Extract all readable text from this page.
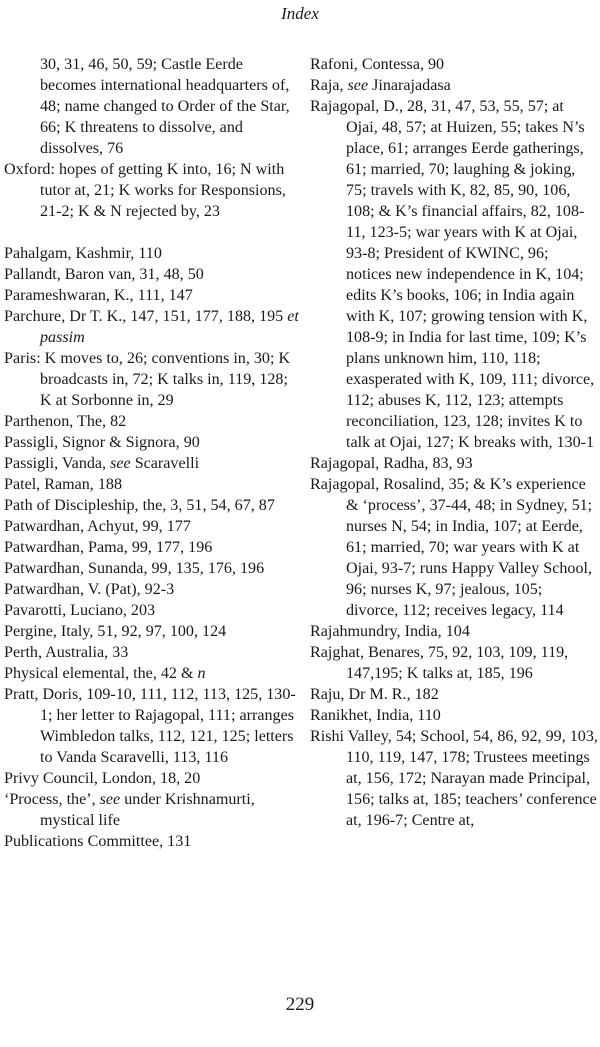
Index

30, 31, 46, 50, 59; Castle Eerde becomes international headquarters of, 48; name changed to Order of the Star, 66; K threatens to dissolve, and dissolves, 76

Oxford: hopes of getting K into, 16; N with tutor at, 21; K works for Responsions, 21-2; K & N rejected by, 23

Pahalgam, Kashmir, 110

Pallandt, Baron van, 31, 48, 50

Parameshwaran, K., 111, 147

Parchure, Dr T. K., 147, 151, 177, 188, 195 et passim

Paris: K moves to, 26; conventions in, 30; K broadcasts in, 72; K talks in, 119, 128; K at Sorbonne in, 29

Parthenon, The, 82

Passigli, Signor & Signora, 90

Passigli, Vanda, see Scaravelli

Patel, Raman, 188

Path of Discipleship, the, 3, 51, 54, 67, 87

Patwardhan, Achyut, 99, 177

Patwardhan, Pama, 99, 177, 196

Patwardhan, Sunanda, 99, 135, 176, 196

Patwardhan, V. (Pat), 92-3

Pavarotti, Luciano, 203

Pergine, Italy, 51, 92, 97, 100, 124

Perth, Australia, 33

Physical elemental, the, 42 & n

Pratt, Doris, 109-10, 111, 112, 113, 125, 130-1; her letter to Rajagopal, 111; arranges Wimbledon talks, 112, 121, 125; letters to Vanda Scaravelli, 113, 116

Privy Council, London, 18, 20

‘Process, the’, see under Krishnamurti, mystical life

Publications Committee, 131

Rafoni, Contessa, 90

Raja, see Jinarajadasa

Rajagopal, D., 28, 31, 47, 53, 55, 57; at Ojai, 48, 57; at Huizen, 55; takes N’s place, 61; arranges Eerde gatherings, 61; married, 70; laughing & joking, 75; travels with K, 82, 85, 90, 106, 108; & K’s financial affairs, 82, 108-11, 123-5; war years with K at Ojai, 93-8; President of KWINC, 96; notices new independence in K, 104; edits K’s books, 106; in India again with K, 107; growing tension with K, 108-9; in India for last time, 109; K’s plans unknown him, 110, 118; exasperated with K, 109, 111; divorce, 112; abuses K, 112, 123; attempts reconciliation, 123, 128; invites K to talk at Ojai, 127; K breaks with, 130-1

Rajagopal, Radha, 83, 93

Rajagopal, Rosalind, 35; & K’s experience & ‘process’, 37-44, 48; in Sydney, 51; nurses N, 54; in India, 107; at Eerde, 61; married, 70; war years with K at Ojai, 93-7; runs Happy Valley School, 96; nurses K, 97; jealous, 105; divorce, 112; receives legacy, 114

Rajahmundry, India, 104

Rajghat, Benares, 75, 92, 103, 109, 119, 147,195; K talks at, 185, 196

Raju, Dr M. R., 182

Ranikhet, India, 110

Rishi Valley, 54; School, 54, 86, 92, 99, 103, 110, 119, 147, 178; Trustees meetings at, 156, 172; Narayan made Principal, 156; talks at, 185; teachers’ conference at, 196-7; Centre at,

229
